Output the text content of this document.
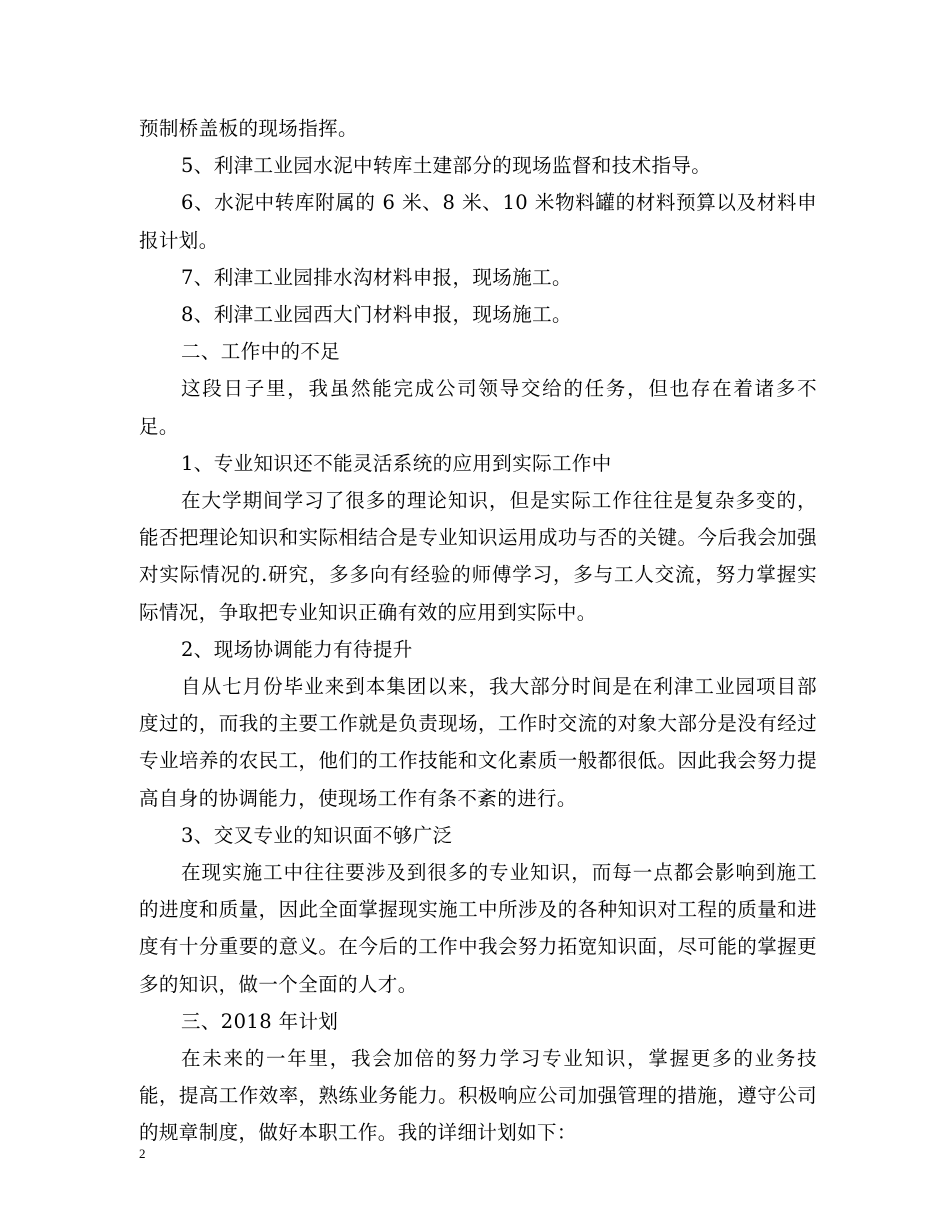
预制桥盖板的现场指挥。

5、利津工业园水泥中转库土建部分的现场监督和技术指导。

6、水泥中转库附属的 6 米、8 米、10 米物料罐的材料预算以及材料申报计划。

7、利津工业园排水沟材料申报，现场施工。

8、利津工业园西大门材料申报，现场施工。

二、工作中的不足

这段日子里，我虽然能完成公司领导交给的任务，但也存在着诸多不足。

1、专业知识还不能灵活系统的应用到实际工作中

在大学期间学习了很多的理论知识，但是实际工作往往是复杂多变的，能否把理论知识和实际相结合是专业知识运用成功与否的关键。今后我会加强对实际情况的.研究，多多向有经验的师傅学习，多与工人交流，努力掌握实际情况，争取把专业知识正确有效的应用到实际中。

2、现场协调能力有待提升

自从七月份毕业来到本集团以来，我大部分时间是在利津工业园项目部度过的，而我的主要工作就是负责现场，工作时交流的对象大部分是没有经过专业培养的农民工，他们的工作技能和文化素质一般都很低。因此我会努力提高自身的协调能力，使现场工作有条不紊的进行。

3、交叉专业的知识面不够广泛

在现实施工中往往要涉及到很多的专业知识，而每一点都会影响到施工的进度和质量，因此全面掌握现实施工中所涉及的各种知识对工程的质量和进度有十分重要的意义。在今后的工作中我会努力拓宽知识面，尽可能的掌握更多的知识，做一个全面的人才。

三、2018 年计划

在未来的一年里，我会加倍的努力学习专业知识，掌握更多的业务技能，提高工作效率，熟练业务能力。积极响应公司加强管理的措施，遵守公司的规章制度，做好本职工作。我的详细计划如下：

2
